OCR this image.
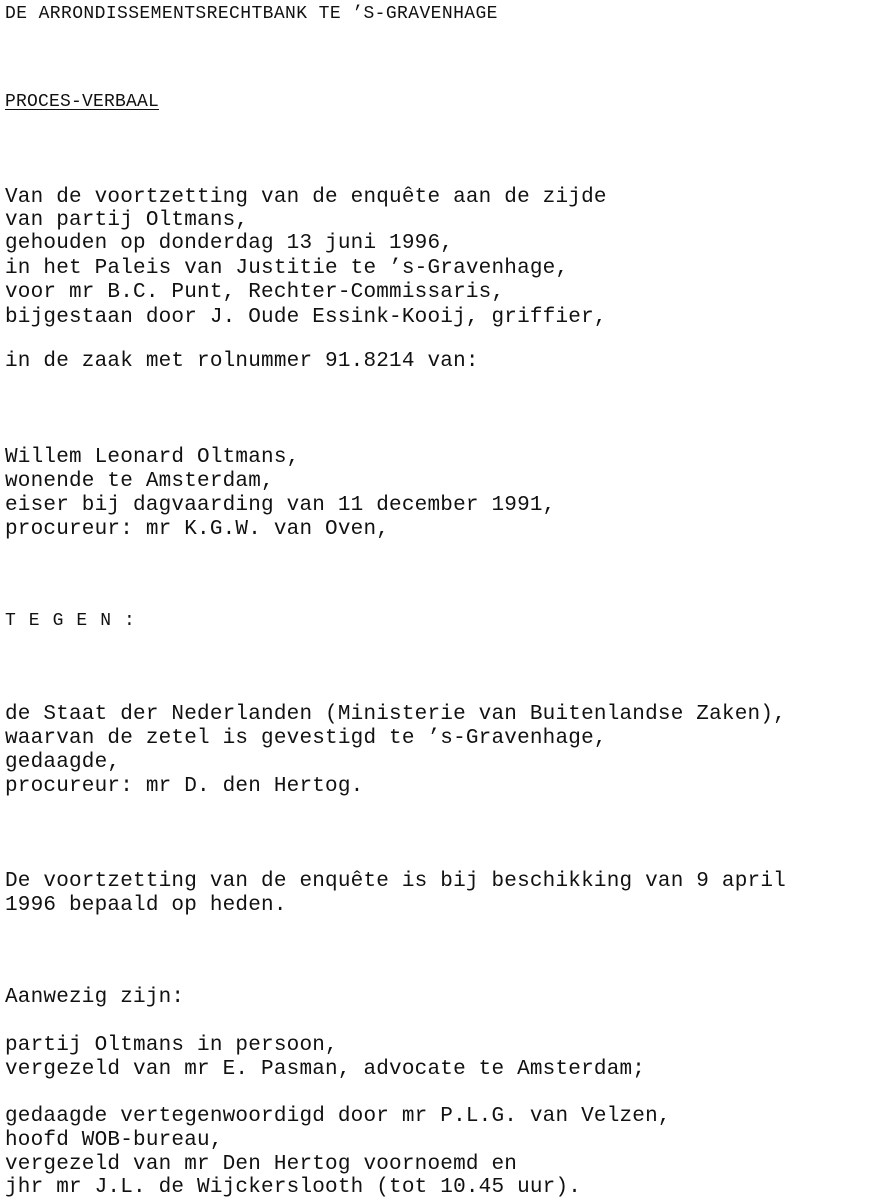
DE ARRONDISSEMENTSRECHTBANK TE ’S-GRAVENHAGE

PROCES-VERBAAL

Van de voortzetting van de enquête aan de zijde

van partij Oltmans,

gehouden op donderdag 13 juni 1996,

in het Paleis van Justitie te ’s-Gravenhage,

voor mr B.C. Punt, Rechter-Commissaris,

bijgestaan door J. Oude Essink-Kooij, griffier,

in de zaak met rolnummer 91.8214 van:

Willem Leonard Oltmans,

wonende te Amsterdam,

eiser bij dagvaarding van 11 december 1991,

procureur: mr K.G.W. van Oven,

TEGEN:

de Staat der Nederlanden (Ministerie van Buitenlandse Zaken),

waarvan de zetel is gevestigd te ’s-Gravenhage,

gedaagde,

procureur: mr D. den Hertog.

De voortzetting van de enquête is bij beschikking van 9 april

1996 bepaald op heden.

Aanwezig zijn:

partij Oltmans in persoon,

vergezeld van mr E. Pasman, advocate te Amsterdam;

gedaagde vertegenwoordigd door mr P.L.G. van Velzen,

hoofd WOB-bureau,

vergezeld van mr Den Hertog voornoemd en

jhr mr J.L. de Wijckerslooth (tot 10.45 uur).
